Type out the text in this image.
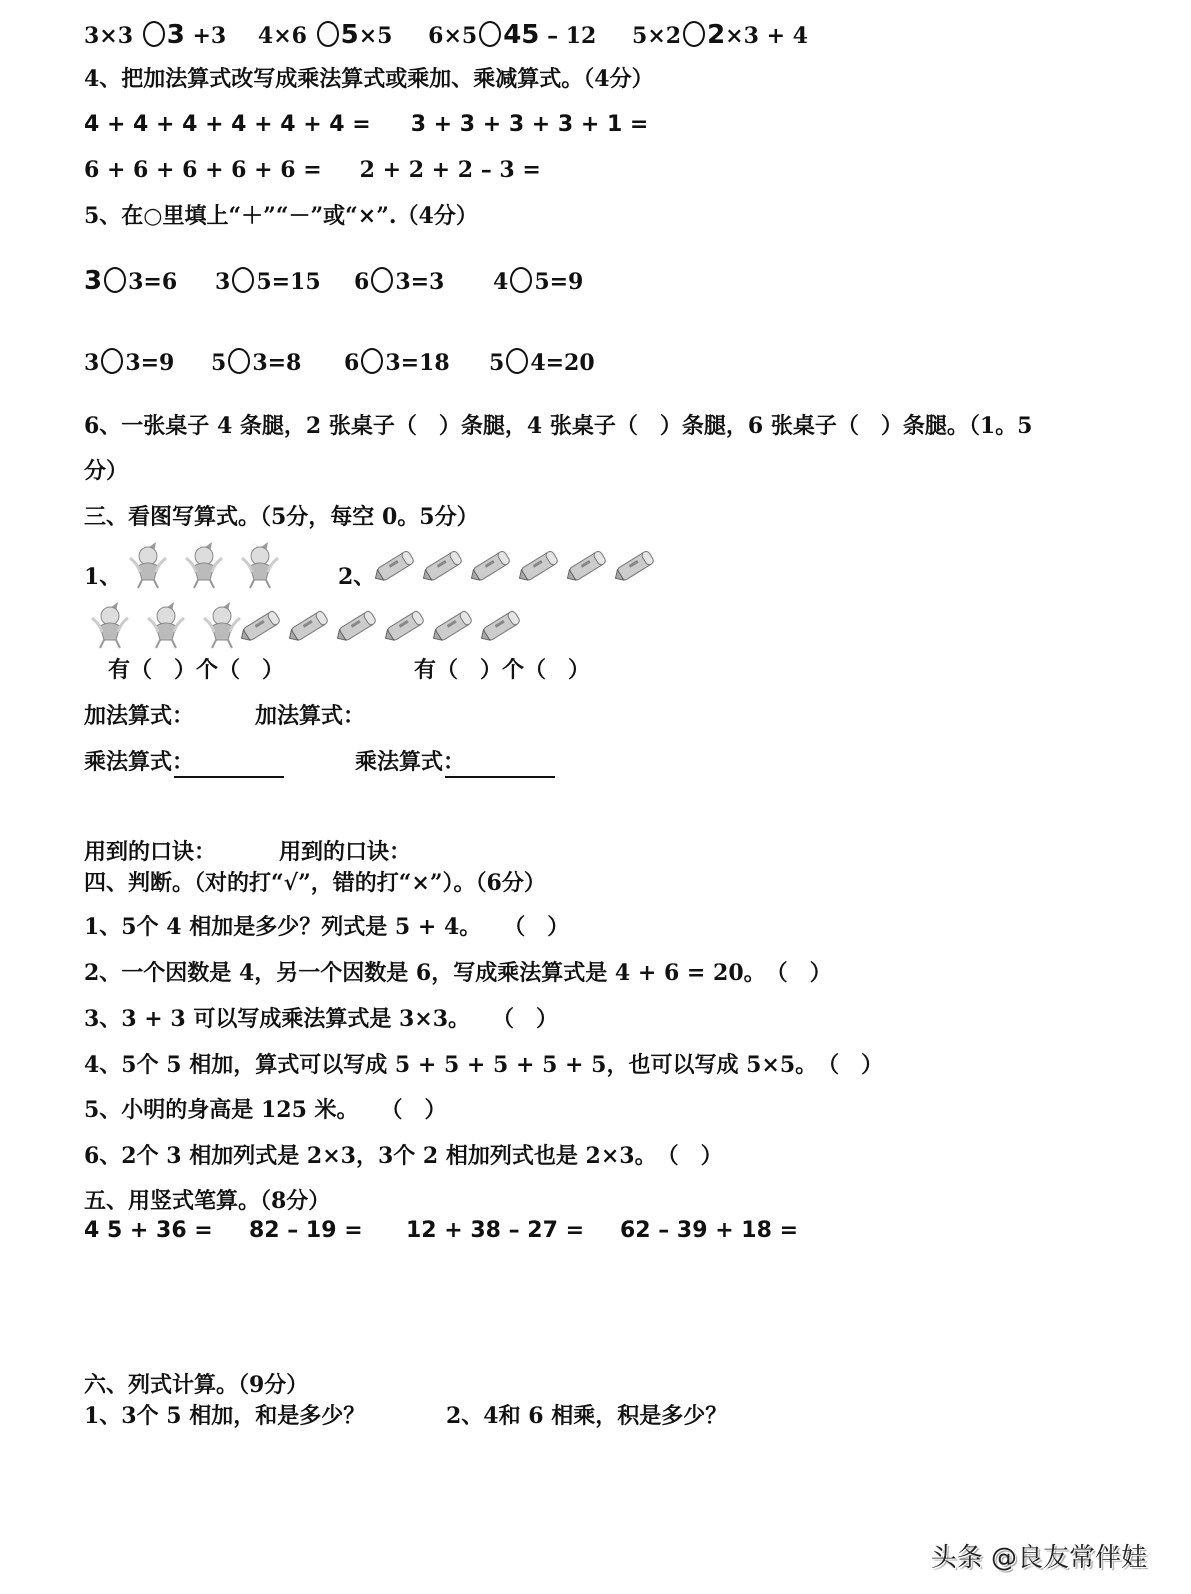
3×3 3 +3 4×6 5×5 6×5 45 – 12 5×2 2×3 + 4
4、把加法算式改写成乘法算式或乘加、乘减算式。（4分）
4 + 4 + 4 + 4 + 4 + 4 = 3 + 3 + 3 + 3 + 1 =
6 + 6 + 6 + 6 + 6 = 2 + 2 + 2 – 3 =
5、在○里填上“＋”“－”或“×”.（4分）
3 3=6 3 5=15 6 3=3 4 5=9
3 3=9 5 3=8 6 3=18 5 4=20
6、一张桌子 4 条腿，2 张桌子（　）条腿，4 张桌子（　）条腿，6 张桌子（　）条腿。（1。5
分）
三、看图写算式。（5分，每空 0。5分）
1、	2、
有（　）个（　）	有（　）个（　）
加法算式：	加法算式：
乘法算式：	乘法算式：
用到的口诀：	用到的口诀：
四、判断。（对的打“√”，错的打“×”）。（6分）
1、5个 4 相加是多少？列式是 5 + 4。　　（　）
2、一个因数是 4，另一个因数是 6，写成乘法算式是 4 + 6 = 20。　（　）
3、3 + 3 可以写成乘法算式是 3×3。　　（　）
4、5个 5 相加，算式可以写成 5 + 5 + 5 + 5 + 5，也可以写成 5×5。　（　）
5、小明的身高是 125 米。　　（　）
6、2个 3 相加列式是 2×3，3个 2 相加列式也是 2×3。　（　）
五、用竖式笔算。（8分）
4 5 + 36 = 82 – 19 = 12 + 38 – 27 = 62 – 39 + 18 =
六、列式计算。（9分）
1、3个 5 相加，和是多少？	2、4和 6 相乘，积是多少？
头条 @良友常伴娃
